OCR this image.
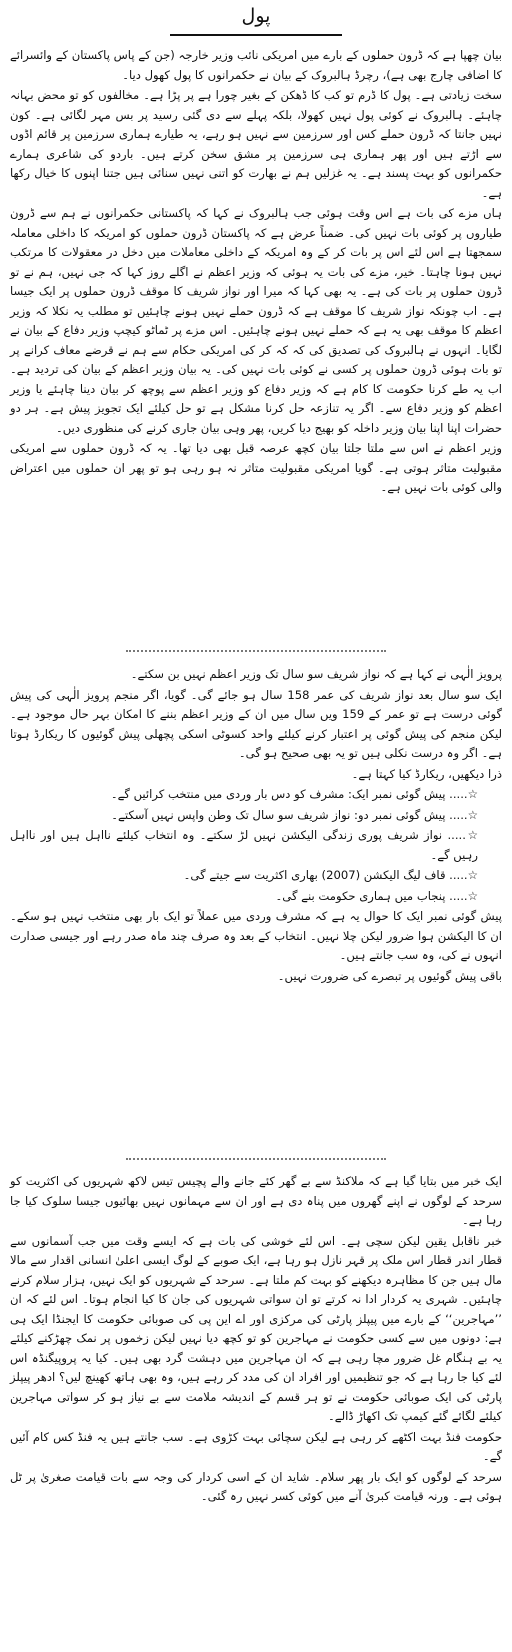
پول

بیان چھپا ہے کہ ڈرون حملوں کے بارے میں امریکی نائب وزیر خارجہ (جن کے پاس پاکستان کے وائسرائے کا اضافی چارج بھی ہے)، رچرڈ ہالبروک کے بیان نے حکمرانوں کا پول کھول دیا۔

سخت زیادتی ہے۔ پول کا ڈرم تو کب کا ڈھکن کے بغیر چورا ہے پر پڑا ہے۔ مخالفوں کو تو محض بہانہ چاہئے۔ ہالبروک نے کوئی پول نہیں کھولا، بلکہ پہلے سے دی گئی رسید پر بس مہر لگائی ہے۔ کون نہیں جانتا کہ ڈرون حملے کس اور سرزمین سے نہیں ہو رہے، یہ طیارے ہماری سرزمین پر قائم اڈوں سے اڑتے ہیں اور پھر ہماری ہی سرزمین پر مشق سخن کرتے ہیں۔ باردو کی شاعری ہمارے حکمرانوں کو بہت پسند ہے۔ یہ غزلیں ہم نے بھارت کو اتنی نہیں سنائی ہیں جتنا اپنوں کا خیال رکھا ہے۔

ہاں مزے کی بات ہے اس وقت ہوئی جب ہالبروک نے کہا کہ پاکستانی حکمرانوں نے ہم سے ڈرون طیاروں پر کوئی بات نہیں کی۔ ضمناً عرض ہے کہ پاکستان ڈرون حملوں کو امریکہ کا داخلی معاملہ سمجھتا ہے اس لئے اس پر بات کر کے وہ امریکہ کے داخلی معاملات میں دخل در معقولات کا مرتکب نہیں ہونا چاہتا۔ خیر، مزے کی بات یہ ہوئی کہ وزیر اعظم نے اگلے روز کہا کہ جی نہیں، ہم نے تو ڈرون حملوں پر بات کی ہے۔ یہ بھی کہا کہ میرا اور نواز شریف کا موقف ڈرون حملوں پر ایک جیسا ہے۔ اب چونکہ نواز شریف کا موقف ہے کہ ڈرون حملے نہیں ہونے چاہئیں تو مطلب یہ نکلا کہ وزیر اعظم کا موقف بھی یہ ہے کہ حملے نہیں ہونے چاہئیں۔ اس مزے پر ٹماٹو کیچپ وزیر دفاع کے بیان نے لگایا۔ انہوں نے ہالبروک کی تصدیق کی کہ کہ کر کی امریکی حکام سے ہم نے قرضے معاف کرانے پر تو بات ہوئی ڈرون حملوں پر کسی نے کوئی بات نہیں کی۔ یہ بیان وزیر اعظم کے بیان کی تردید ہے۔ اب یہ طے کرنا حکومت کا کام ہے کہ وزیر دفاع کو وزیر اعظم سے پوچھ کر بیان دینا چاہئے یا وزیر اعظم کو وزیر دفاع سے۔ اگر یہ تنازعہ حل کرنا مشکل ہے تو حل کیلئے ایک تجویز پیش ہے۔ ہر دو حضرات اپنا اپنا بیان وزیر داخلہ کو بھیج دیا کریں، پھر وہی بیان جاری کرنے کی منظوری دیں۔

وزیر اعظم نے اس سے ملتا جلتا بیان کچھ عرصہ قبل بھی دیا تھا۔ یہ کہ ڈرون حملوں سے امریکی مقبولیت متاثر ہوتی ہے۔ گویا امریکی مقبولیت متاثر نہ ہو رہی ہو تو پھر ان حملوں میں اعتراض والی کوئی بات نہیں ہے۔

پرویز الٰہی نے کہا ہے کہ نواز شریف سو سال تک وزیر اعظم نہیں بن سکتے۔

ایک سو سال بعد نواز شریف کی عمر 158 سال ہو جائے گی۔ گویا، اگر منجم پرویز الٰہی کی پیش گوئی درست ہے تو عمر کے 159 ویں سال میں ان کے وزیر اعظم بننے کا امکان بہر حال موجود ہے۔ لیکن منجم کی پیش گوئی پر اعتبار کرنے کیلئے واحد کسوٹی اسکی پچھلی پیش گوئیوں کا ریکارڈ ہوتا ہے۔ اگر وہ درست نکلی ہیں تو یہ بھی صحیح ہو گی۔

ذرا دیکھیں، ریکارڈ کیا کہتا ہے۔

☆..... پیش گوئی نمبر ایک: مشرف کو دس بار وردی میں منتخب کرائیں گے۔

☆..... پیش گوئی نمبر دو: نواز شریف سو سال تک وطن واپس نہیں آسکتے۔

☆..... نواز شریف پوری زندگی الیکشن نہیں لڑ سکتے۔ وہ انتخاب کیلئے نااہل ہیں اور نااہل رہیں گے۔

☆..... قاف لیگ الیکشن (2007) بھاری اکثریت سے جیتے گی۔

☆..... پنجاب میں ہماری حکومت بنے گی۔

پیش گوئی نمبر ایک کا حوال یہ ہے کہ مشرف وردی میں عملاً تو ایک بار بھی منتخب نہیں ہو سکے۔ ان کا الیکشن ہوا ضرور لیکن چلا نہیں۔ انتخاب کے بعد وہ صرف چند ماہ صدر رہے اور جیسی صدارت انہوں نے کی، وہ سب جانتے ہیں۔

باقی پیش گوئیوں پر تبصرے کی ضرورت نہیں۔

ایک خبر میں بتایا گیا ہے کہ ملاکنڈ سے بے گھر کئے جانے والے پچیس تیس لاکھ شہریوں کی اکثریت کو سرحد کے لوگوں نے اپنے گھروں میں پناہ دی ہے اور ان سے مہمانوں نہیں بھائیوں جیسا سلوک کیا جا رہا ہے۔

خبر ناقابل یقین لیکن سچی ہے۔ اس لئے خوشی کی بات ہے کہ ایسے وقت میں جب آسمانوں سے قطار اندر قطار اس ملک پر قہر نازل ہو رہا ہے، ایک صوبے کے لوگ ایسی اعلیٰ انسانی اقدار سے مالا مال ہیں جن کا مظاہرہ دیکھنے کو بہت کم ملتا ہے۔ سرحد کے شہریوں کو ایک نہیں، ہزار سلام کرنے چاہئیں۔ شہری یہ کردار ادا نہ کرتے تو ان سواتی شہریوں کی جان کا کیا انجام ہوتا۔ اس لئے کہ ان ’’مہاجرین‘‘ کے بارے میں پیپلز پارٹی کی مرکزی اور اے این پی کی صوبائی حکومت کا ایجنڈا ایک ہی ہے: دونوں میں سے کسی حکومت نے مہاجرین کو تو کچھ دیا نہیں لیکن زخموں پر نمک چھڑکنے کیلئے یہ بے ہنگام غل ضرور مچا رہی ہے کہ ان مہاجرین میں دہشت گرد بھی ہیں۔ کیا یہ پروپیگنڈہ اس لئے کیا جا رہا ہے کہ جو تنظیمیں اور افراد ان کی مدد کر رہے ہیں، وہ بھی ہاتھ کھینچ لیں؟ ادھر پیپلز پارٹی کی ایک صوبائی حکومت نے تو ہر قسم کے اندیشہ ملامت سے بے نیاز ہو کر سواتی مہاجرین کیلئے لگائے گئے کیمپ تک اکھاڑ ڈالے۔

حکومت فنڈ بہت اکٹھے کر رہی ہے لیکن سچائی بہت کڑوی ہے۔ سب جانتے ہیں یہ فنڈ کس کام آئیں گے۔

سرحد کے لوگوں کو ایک بار پھر سلام۔ شاید ان کے اسی کردار کی وجہ سے بات قیامت صغریٰ پر ٹل ہوئی ہے۔ ورنہ قیامت کبریٰ آنے میں کوئی کسر نہیں رہ گئی۔
